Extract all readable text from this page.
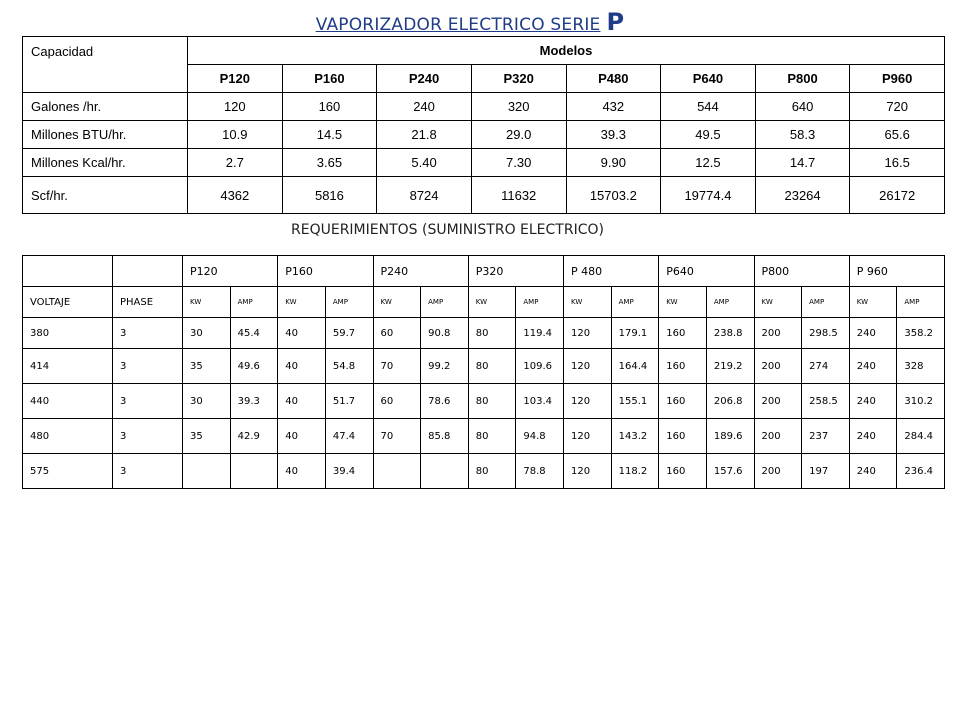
VAPORIZADOR ELECTRICO SERIE P
Capacidad	Modelos							
	P120	P160	P240	P320	P480	P640	P800	P960
Galones /hr.	120	160	240	320	432	544	640	720
Millones BTU/hr.	10.9	14.5	21.8	29.0	39.3	49.5	58.3	65.6
Millones Kcal/hr.	2.7	3.65	5.40	7.30	9.90	12.5	14.7	16.5
Scf/hr.	4362	5816	8724	11632	15703.2	19774.4	23264	26172
REQUERIMIENTOS (SUMINISTRO ELECTRICO)
		P120		P160		P240		P320		P 480		P640		P800		P 960	
VOLTAJE	PHASE	KW	AMP	KW	AMP	KW	AMP	KW	AMP	KW	AMP	KW	AMP	KW	AMP	KW	AMP
380	3	30	45.4	40	59.7	60	90.8	80	119.4	120	179.1	160	238.8	200	298.5	240	358.2
414	3	35	49.6	40	54.8	70	99.2	80	109.6	120	164.4	160	219.2	200	274	240	328
440	3	30	39.3	40	51.7	60	78.6	80	103.4	120	155.1	160	206.8	200	258.5	240	310.2
480	3	35	42.9	40	47.4	70	85.8	80	94.8	120	143.2	160	189.6	200	237	240	284.4
575	3			40	39.4			80	78.8	120	118.2	160	157.6	200	197	240	236.4
